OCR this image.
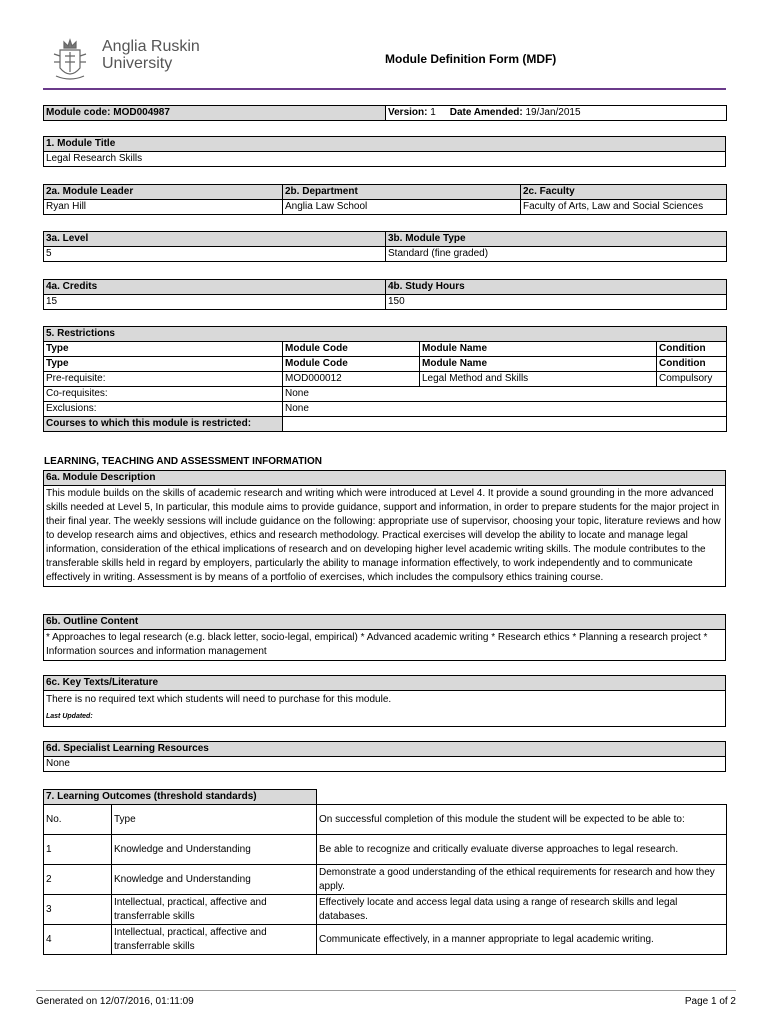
Anglia Ruskin
University	Module Definition Form (MDF)
Module code: MOD004987	Version: 1 Date Amended: 19/Jan/2015
1. Module Title
Legal Research Skills
2a. Module Leader	2b. Department	2c. Faculty
Ryan Hill	Anglia Law School	Faculty of Arts, Law and Social Sciences
3a. Level	3b. Module Type
5	Standard (fine graded)
4a. Credits	4b. Study Hours
15	150
5. Restrictions			
Type	Module Code	Module Name	Condition
Type	Module Code	Module Name	Condition
Pre-requisite:	MOD000012	Legal Method and Skills	Compulsory
Co-requisites:	None		
Exclusions:	None		
Courses to which this module is restricted:			
LEARNING, TEACHING AND ASSESSMENT INFORMATION
6a. Module Description
This module builds on the skills of academic research and writing which were introduced at Level 4. It provide a sound grounding in the more advanced skills needed at Level 5, In particular, this module aims to provide guidance, support and information, in order to prepare students for the major project in their final year. The weekly sessions will include guidance on the following: appropriate use of supervisor, choosing your topic, literature reviews and how to develop research aims and objectives, ethics and research methodology. Practical exercises will develop the ability to locate and manage legal information, consideration of the ethical implications of research and on developing higher level academic writing skills. The module contributes to the transferable skills held in regard by employers, particularly the ability to manage information effectively, to work independently and to communicate effectively in writing. Assessment is by means of a portfolio of exercises, which includes the compulsory ethics training course.
6b. Outline Content
* Approaches to legal research (e.g. black letter, socio-legal, empirical) * Advanced academic writing * Research ethics * Planning a research project * Information sources and information management
6c. Key Texts/Literature

There is no required text which students will need to purchase for this module.
Last Updated:
6d. Specialist Learning Resources
None
7. Learning Outcomes (threshold standards)		
No.	Type	On successful completion of this module the student will be expected to be able to:
1	Knowledge and Understanding	Be able to recognize and critically evaluate diverse approaches to legal research.
2	Knowledge and Understanding	Demonstrate a good understanding of the ethical requirements for research and how they apply.
3	Intellectual, practical, affective and transferrable skills	Effectively locate and access legal data using a range of research skills and legal databases.
4	Intellectual, practical, affective and transferrable skills	Communicate effectively, in a manner appropriate to legal academic writing.
Generated on 12/07/2016, 01:11:09	Page 1 of 2
